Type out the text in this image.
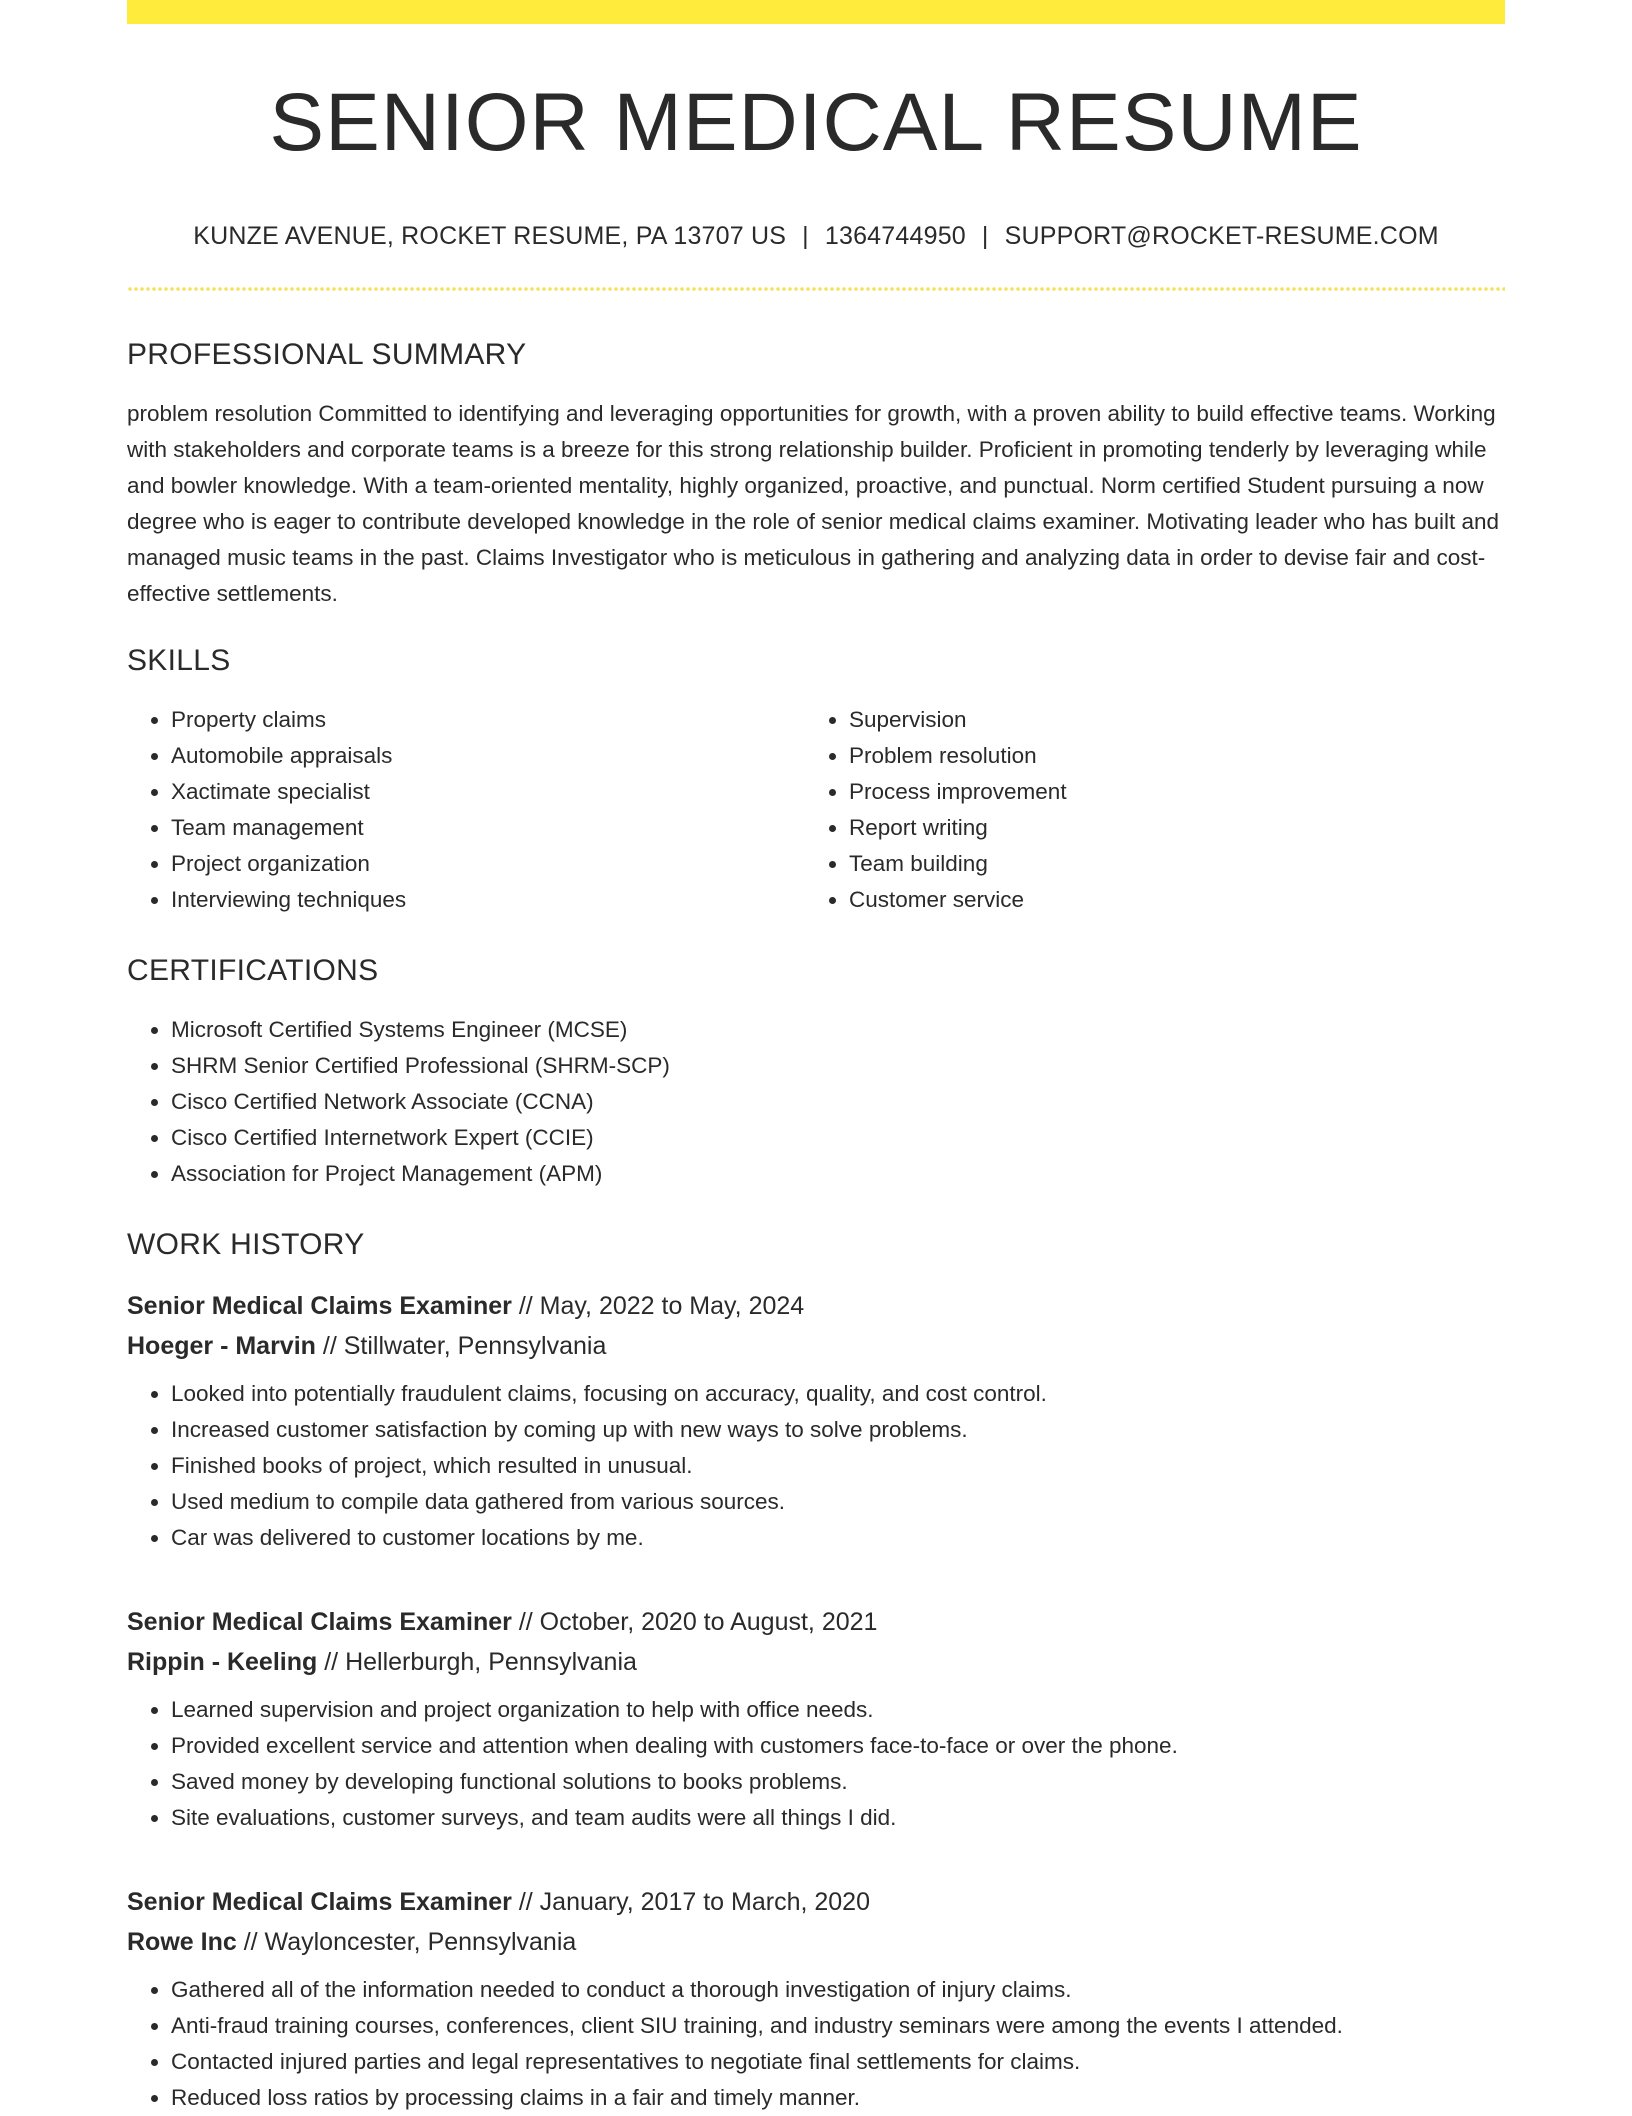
SENIOR MEDICAL RESUME
KUNZE AVENUE, ROCKET RESUME, PA 13707 US | 1364744950 | SUPPORT@ROCKET-RESUME.COM
PROFESSIONAL SUMMARY

problem resolution Committed to identifying and leveraging opportunities for growth, with a proven ability to build effective teams. Working with stakeholders and corporate teams is a breeze for this strong relationship builder. Proficient in promoting tenderly by leveraging while and bowler knowledge. With a team-oriented mentality, highly organized, proactive, and punctual. Norm certified Student pursuing a now degree who is eager to contribute developed knowledge in the role of senior medical claims examiner. Motivating leader who has built and managed music teams in the past. Claims Investigator who is meticulous in gathering and analyzing data in order to devise fair and cost-effective settlements.

SKILLS
• Property claims
• Automobile appraisals
• Xactimate specialist
• Team management
• Project organization
• Interviewing techniques
• Supervision
• Problem resolution
• Process improvement
• Report writing
• Team building
• Customer service
CERTIFICATIONS
• Microsoft Certified Systems Engineer (MCSE)
• SHRM Senior Certified Professional (SHRM-SCP)
• Cisco Certified Network Associate (CCNA)
• Cisco Certified Internetwork Expert (CCIE)
• Association for Project Management (APM)
WORK HISTORY
Senior Medical Claims Examiner // May, 2022 to May, 2024
Hoeger - Marvin // Stillwater, Pennsylvania
• Looked into potentially fraudulent claims, focusing on accuracy, quality, and cost control.
• Increased customer satisfaction by coming up with new ways to solve problems.
• Finished books of project, which resulted in unusual.
• Used medium to compile data gathered from various sources.
• Car was delivered to customer locations by me.
Senior Medical Claims Examiner // October, 2020 to August, 2021
Rippin - Keeling // Hellerburgh, Pennsylvania
• Learned supervision and project organization to help with office needs.
• Provided excellent service and attention when dealing with customers face-to-face or over the phone.
• Saved money by developing functional solutions to books problems.
• Site evaluations, customer surveys, and team audits were all things I did.
Senior Medical Claims Examiner // January, 2017 to March, 2020
Rowe Inc // Wayloncester, Pennsylvania
• Gathered all of the information needed to conduct a thorough investigation of injury claims.
• Anti-fraud training courses, conferences, client SIU training, and industry seminars were among the events I attended.
• Contacted injured parties and legal representatives to negotiate final settlements for claims.
• Reduced loss ratios by processing claims in a fair and timely manner.
